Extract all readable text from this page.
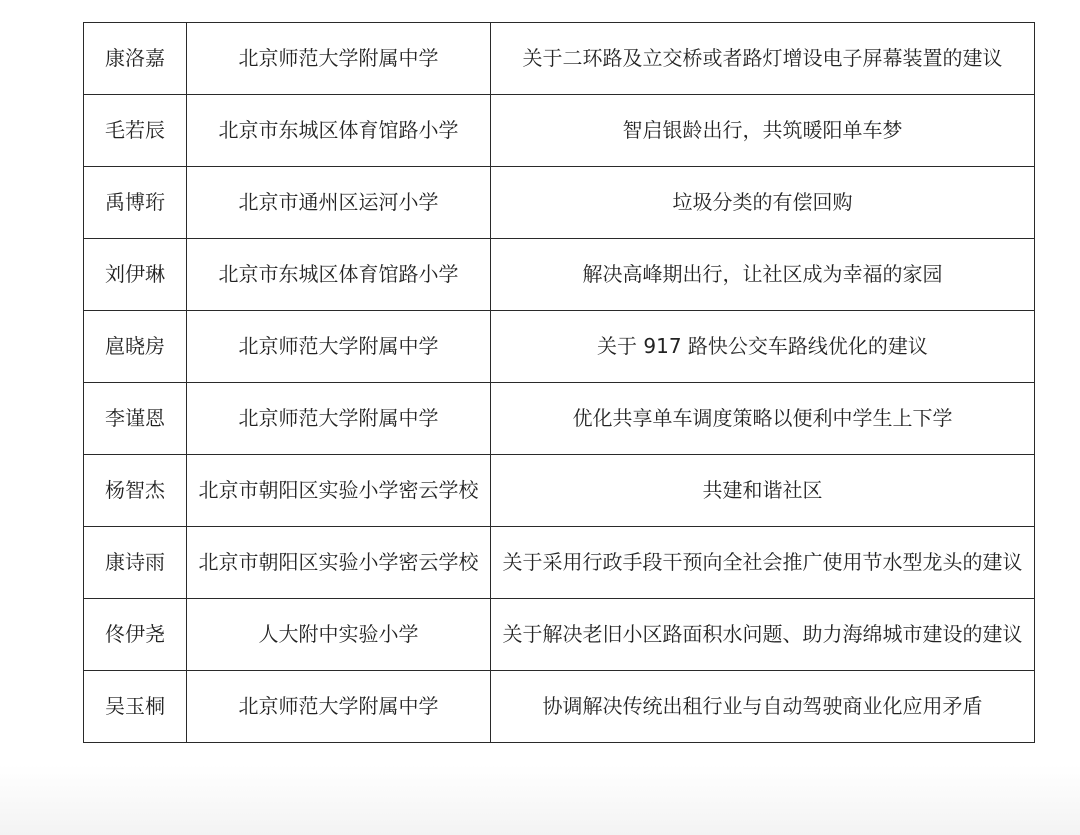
康洛嘉	北京师范大学附属中学	关于二环路及立交桥或者路灯增设电子屏幕装置的建议
毛若辰	北京市东城区体育馆路小学	智启银龄出行，共筑暖阳单车梦
禹博珩	北京市通州区运河小学	垃圾分类的有偿回购
刘伊琳	北京市东城区体育馆路小学	解决高峰期出行，让社区成为幸福的家园
扈晓房	北京师范大学附属中学	关于 917 路快公交车路线优化的建议
李谨恩	北京师范大学附属中学	优化共享单车调度策略以便利中学生上下学
杨智杰	北京市朝阳区实验小学密云学校	共建和谐社区
康诗雨	北京市朝阳区实验小学密云学校	关于采用行政手段干预向全社会推广使用节水型龙头的建议
佟伊尧	人大附中实验小学	关于解决老旧小区路面积水问题、助力海绵城市建设的建议
吴玉桐	北京师范大学附属中学	协调解决传统出租行业与自动驾驶商业化应用矛盾
